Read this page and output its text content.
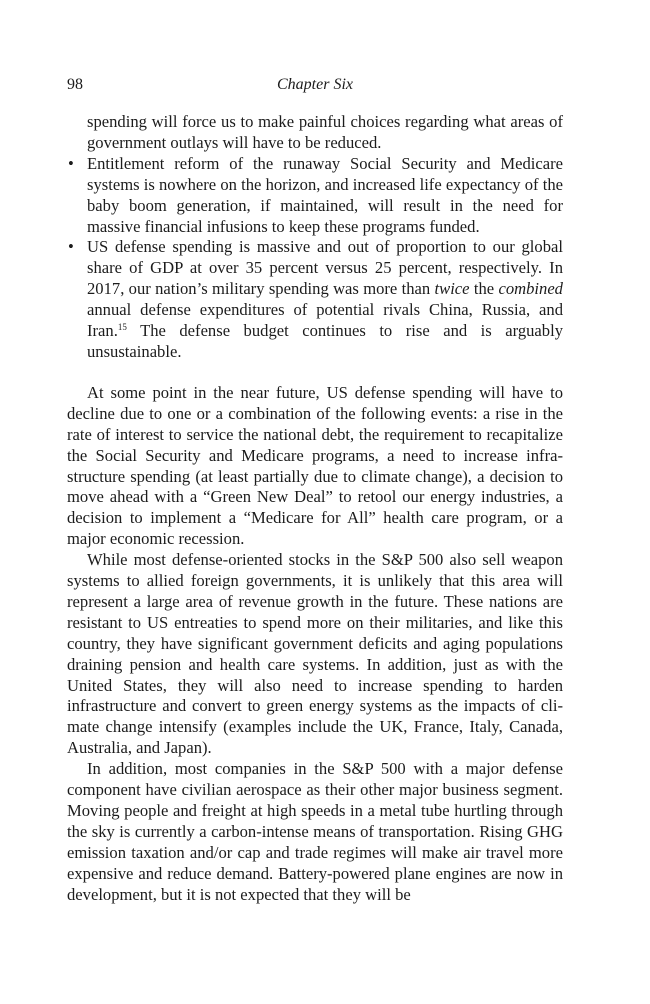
98	Chapter Six

spending will force us to make painful choices regarding what areas of government outlays will have to be reduced.

• Entitlement reform of the runaway Social Security and Medicare systems is nowhere on the horizon, and increased life expectancy of the baby boom generation, if maintained, will result in the need for massive financial infusions to keep these programs funded.

• US defense spending is massive and out of proportion to our global share of GDP at over 35 percent versus 25 percent, respectively. In 2017, our nation’s military spending was more than twice the combined annual defense expenditures of potential rivals China, Russia, and Iran.$^{15}$ The defense budget continues to rise and is arguably unsustainable.

At some point in the near future, US defense spending will have to decline due to one or a combination of the following events: a rise in the rate of interest to service the national debt, the requirement to recapitalize the Social Security and Medicare programs, a need to increase infrastructure spending (at least partially due to climate change), a decision to move ahead with a “Green New Deal” to retool our energy industries, a decision to implement a “Medicare for All” health care program, or a major economic recession.

While most defense-oriented stocks in the S&P 500 also sell weapon systems to allied foreign governments, it is unlikely that this area will represent a large area of revenue growth in the future. These nations are resistant to US entreaties to spend more on their militaries, and like this country, they have significant government deficits and aging populations draining pension and health care systems. In addition, just as with the United States, they will also need to increase spending to harden infrastructure and convert to green energy systems as the impacts of climate change intensify (examples include the UK, France, Italy, Canada, Australia, and Japan).

In addition, most companies in the S&P 500 with a major defense component have civilian aerospace as their other major business segment. Moving people and freight at high speeds in a metal tube hurtling through the sky is currently a carbon-intense means of transportation. Rising GHG emission taxation and/or cap and trade regimes will make air travel more expensive and reduce demand. Battery-powered plane engines are now in development, but it is not expected that they will be
